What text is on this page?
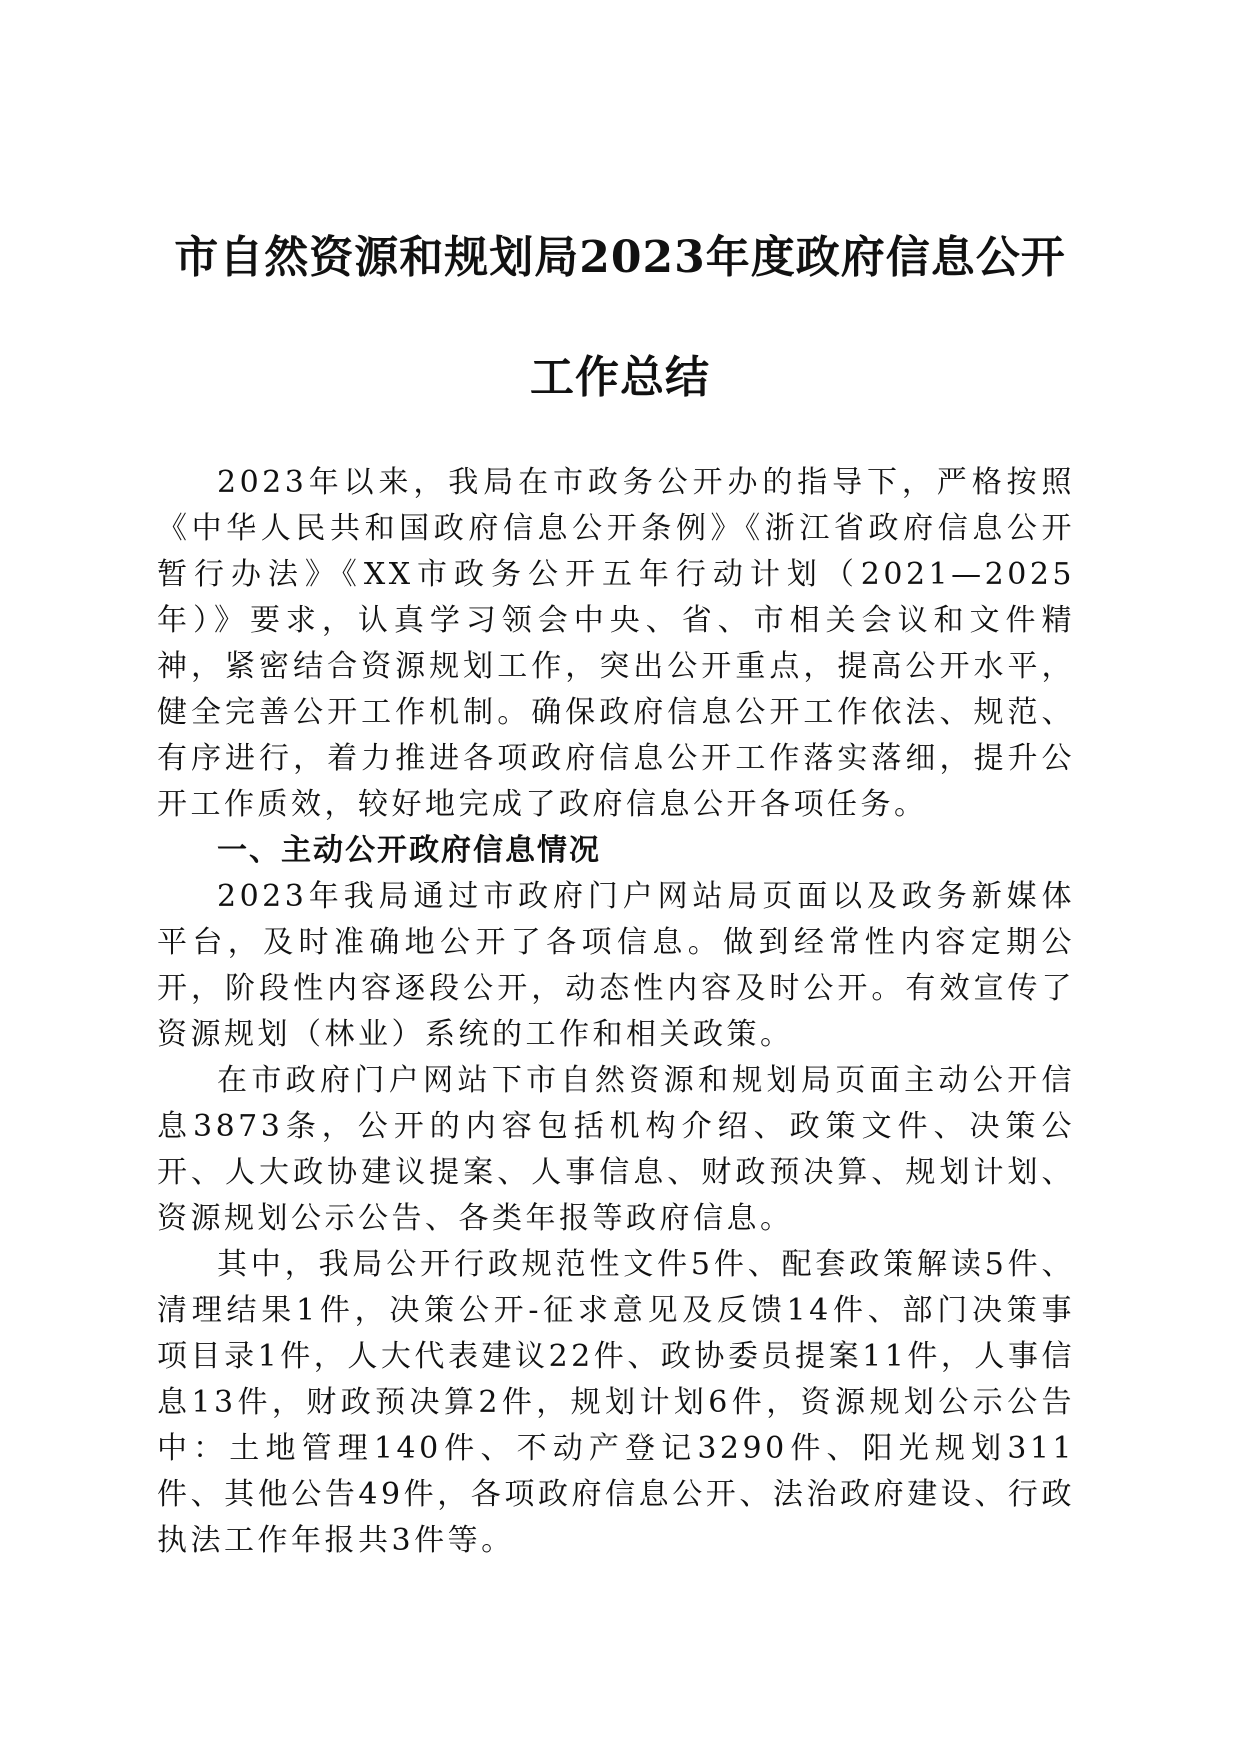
市自然资源和规划局2023年度政府信息公开
工作总结

2023年以来，我局在市政务公开办的指导下，严格按照《中华人民共和国政府信息公开条例》《浙江省政府信息公开暂行办法》《XX市政务公开五年行动计划（2021—2025年）》要求，认真学习领会中央、省、市相关会议和文件精神，紧密结合资源规划工作，突出公开重点，提高公开水平，健全完善公开工作机制。确保政府信息公开工作依法、规范、有序进行，着力推进各项政府信息公开工作落实落细，提升公开工作质效，较好地完成了政府信息公开各项任务。

一、主动公开政府信息情况

2023年我局通过市政府门户网站局页面以及政务新媒体平台，及时准确地公开了各项信息。做到经常性内容定期公开，阶段性内容逐段公开，动态性内容及时公开。有效宣传了资源规划（林业）系统的工作和相关政策。

在市政府门户网站下市自然资源和规划局页面主动公开信息3873条，公开的内容包括机构介绍、政策文件、决策公开、人大政协建议提案、人事信息、财政预决算、规划计划、资源规划公示公告、各类年报等政府信息。

其中，我局公开行政规范性文件5件、配套政策解读5件、清理结果1件，决策公开-征求意见及反馈14件、部门决策事项目录1件，人大代表建议22件、政协委员提案11件，人事信息13件，财政预决算2件，规划计划6件，资源规划公示公告中：土地管理140件、不动产登记3290件、阳光规划311件、其他公告49件，各项政府信息公开、法治政府建设、行政执法工作年报共3件等。
